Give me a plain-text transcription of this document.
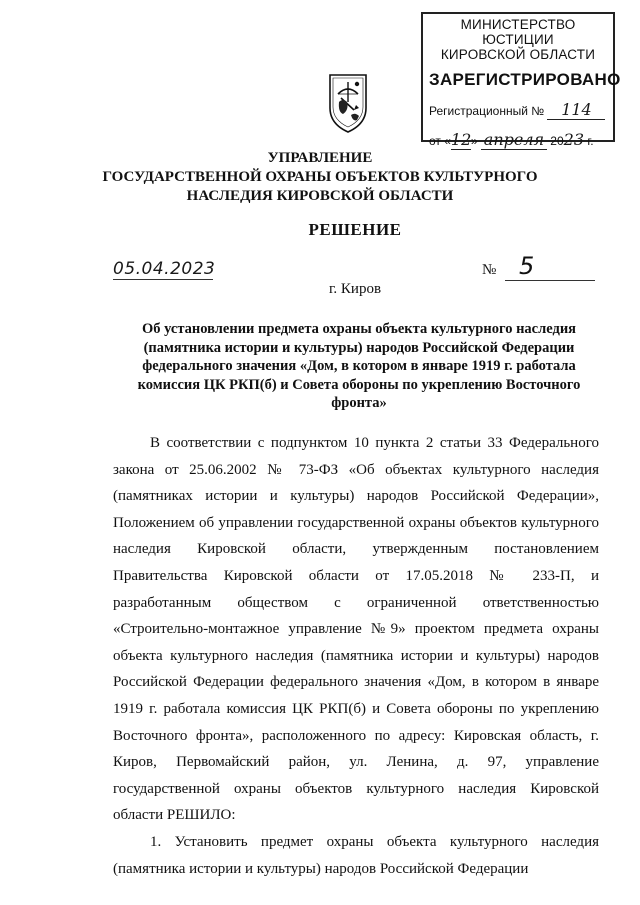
МИНИСТЕРСТВО ЮСТИЦИИ
КИРОВСКОЙ ОБЛАСТИ
ЗАРЕГИСТРИРОВАНО
Регистрационный № 114
от «12» апреля 2023 г.
УПРАВЛЕНИЕ
ГОСУДАРСТВЕННОЙ ОХРАНЫ ОБЪЕКТОВ КУЛЬТУРНОГО
НАСЛЕДИЯ КИРОВСКОЙ ОБЛАСТИ
РЕШЕНИЕ
05.04.2023	№ 5
г. Киров
Об установлении предмета охраны объекта культурного наследия (памятника истории и культуры) народов Российской Федерации федерального значения «Дом, в котором в январе 1919 г. работала комиссия ЦК РКП(б) и Совета обороны по укреплению Восточного фронта»

В соответствии с подпунктом 10 пункта 2 статьи 33 Федерального закона от 25.06.2002 № 73-ФЗ «Об объектах культурного наследия (памятниках истории и культуры) народов Российской Федерации», Положением об управлении государственной охраны объектов культурного наследия Кировской области, утвержденным постановлением Правительства Кировской области от 17.05.2018 № 233-П, и разработанным обществом с ограниченной ответственностью «Строительно-монтажное управление №9» проектом предмета охраны объекта культурного наследия (памятника истории и культуры) народов Российской Федерации федерального значения «Дом, в котором в январе 1919 г. работала комиссия ЦК РКП(б) и Совета обороны по укреплению Восточного фронта», расположенного по адресу: Кировская область, г. Киров, Первомайский район, ул. Ленина, д. 97, управление государственной охраны объектов культурного наследия Кировской области РЕШИЛО:

1. Установить предмет охраны объекта культурного наследия (памятника истории и культуры) народов Российской Федерации
